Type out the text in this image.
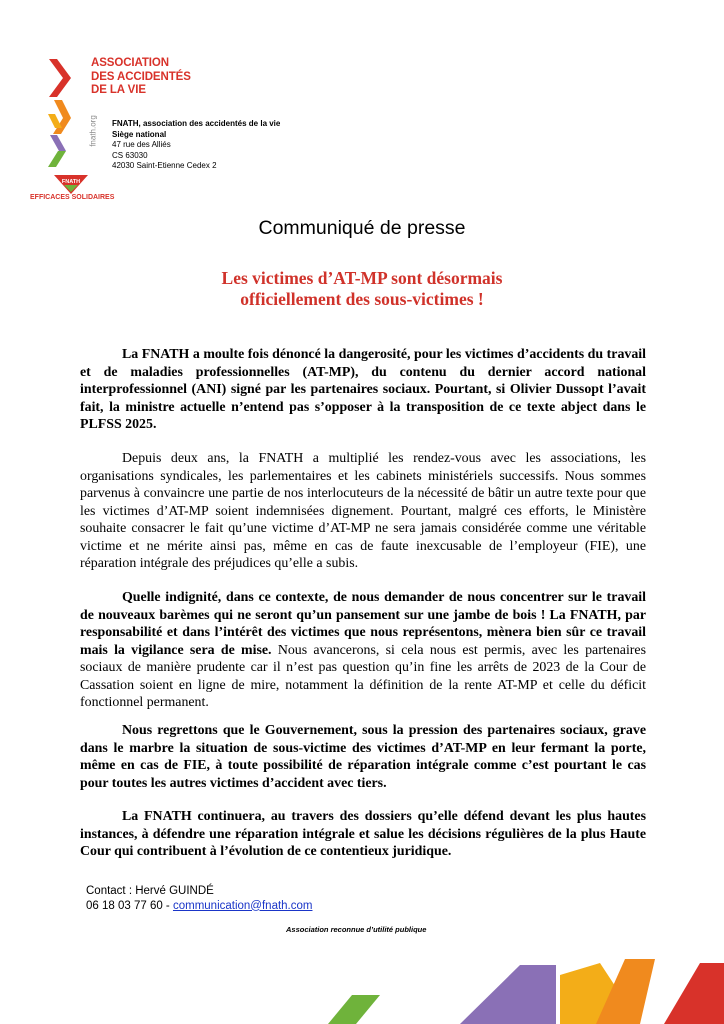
ASSOCIATION
DES ACCIDENTÉS
DE LA VIE
fnath.org FNATH, association des accidentés de la vie
Siège national
47 rue des Alliés
CS 63030
42030 Saint-Etienne Cedex 2
FNATH
EFFICACES SOLIDAIRES
Communiqué de presse
Les victimes d’AT-MP sont désormais
officiellement des sous-victimes !

La FNATH a moulte fois dénoncé la dangerosité, pour les victimes d’accidents du travail et de maladies professionnelles (AT-MP), du contenu du dernier accord national interprofessionnel (ANI) signé par les partenaires sociaux. Pourtant, si Olivier Dussopt l’avait fait, la ministre actuelle n’entend pas s’opposer à la transposition de ce texte abject dans le PLFSS 2025.

Depuis deux ans, la FNATH a multiplié les rendez-vous avec les associations, les organisations syndicales, les parlementaires et les cabinets ministériels successifs. Nous sommes parvenus à convaincre une partie de nos interlocuteurs de la nécessité de bâtir un autre texte pour que les victimes d’AT-MP soient indemnisées dignement. Pourtant, malgré ces efforts, le Ministère souhaite consacrer le fait qu’une victime d’AT-MP ne sera jamais considérée comme une véritable victime et ne mérite ainsi pas, même en cas de faute inexcusable de l’employeur (FIE), une réparation intégrale des préjudices qu’elle a subis.

Quelle indignité, dans ce contexte, de nous demander de nous concentrer sur le travail de nouveaux barèmes qui ne seront qu’un pansement sur une jambe de bois ! La FNATH, par responsabilité et dans l’intérêt des victimes que nous représentons, mènera bien sûr ce travail mais la vigilance sera de mise. Nous avancerons, si cela nous est permis, avec les partenaires sociaux de manière prudente car il n’est pas question qu’in fine les arrêts de 2023 de la Cour de Cassation soient en ligne de mire, notamment la définition de la rente AT-MP et celle du déficit fonctionnel permanent.

Nous regrettons que le Gouvernement, sous la pression des partenaires sociaux, grave dans le marbre la situation de sous-victime des victimes d’AT-MP en leur fermant la porte, même en cas de FIE, à toute possibilité de réparation intégrale comme c’est pourtant le cas pour toutes les autres victimes d’accident avec tiers.

La FNATH continuera, au travers des dossiers qu’elle défend devant les plus hautes instances, à défendre une réparation intégrale et salue les décisions régulières de la plus Haute Cour qui contribuent à l’évolution de ce contentieux juridique.

Contact : Hervé GUINDÉ
06 18 03 77 60 - communication@fnath.com
Association reconnue d’utilité publique
